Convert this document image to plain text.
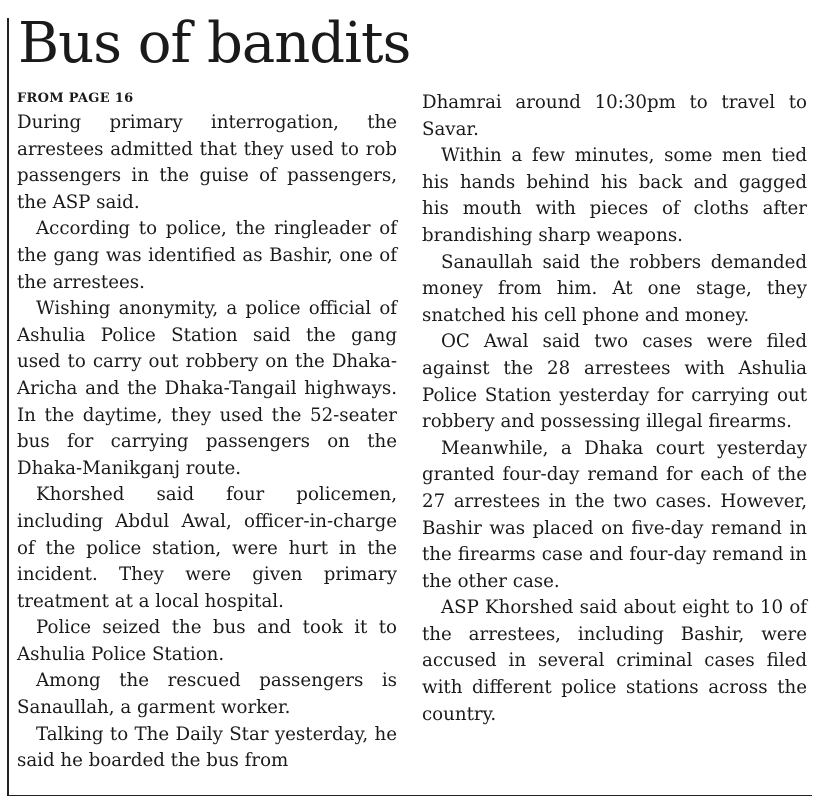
Bus of bandits
FROM PAGE 16

During primary interrogation, the arrestees admitted that they used to rob passengers in the guise of passengers, the ASP said.

According to police, the ringleader of the gang was identified as Bashir, one of the arrestees.

Wishing anonymity, a police official of Ashulia Police Station said the gang used to carry out robbery on the Dhaka-Aricha and the Dhaka-Tangail highways. In the daytime, they used the 52-seater bus for carrying passengers on the Dhaka-Manikganj route.

Khorshed said four policemen, including Abdul Awal, officer-in-charge of the police station, were hurt in the incident. They were given primary treatment at a local hospital.

Police seized the bus and took it to Ashulia Police Station.

Among the rescued passengers is Sanaullah, a garment worker.

Talking to The Daily Star yesterday, he said he boarded the bus from

Dhamrai around 10:30pm to travel to Savar.

Within a few minutes, some men tied his hands behind his back and gagged his mouth with pieces of cloths after brandishing sharp weapons.

Sanaullah said the robbers demanded money from him. At one stage, they snatched his cell phone and money.

OC Awal said two cases were filed against the 28 arrestees with Ashulia Police Station yesterday for carrying out robbery and possessing illegal firearms.

Meanwhile, a Dhaka court yesterday granted four-day remand for each of the 27 arrestees in the two cases. However, Bashir was placed on five-day remand in the firearms case and four-day remand in the other case.

ASP Khorshed said about eight to 10 of the arrestees, including Bashir, were accused in several criminal cases filed with different police stations across the country.
